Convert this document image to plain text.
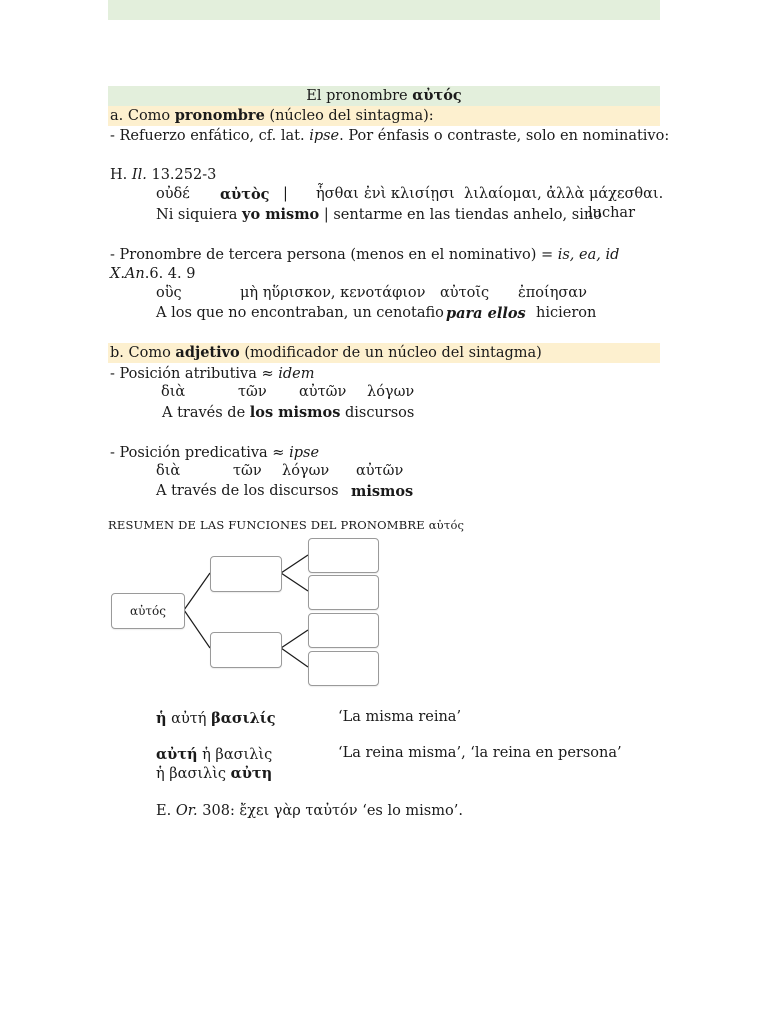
El pronombre αὐτός
a. Como pronombre (núcleo del sintagma):
- Refuerzo enfático, cf. lat. ipse. Por énfasis o contraste, solo en nominativo:
H. Il. 13.252-3
οὐδέ αὐτὸς | ἧσθαι ἐνὶ κλισίῃσι λιλαίομαι, ἀλλὰ μάχεσθαι.
Ni siquiera yo mismo | sentarme en las tiendas anhelo, sino
luchar
- Pronombre de tercera persona (menos en el nominativo) = is, ea, id
X.An.6. 4. 9
οὓς	μὴ ηὕρισκον, κενοτάφιον αὐτοῖς ἐποίησαν
A los que no encontraban, un cenotafio para ellos hicieron
b. Como adjetivo (modificador de un núcleo del sintagma)
- Posición atributiva ≈ idem
διὰ	τῶν αὐτῶν λόγων
A través de los mismos discursos
- Posición predicativa ≈ ipse
διὰ	τῶν λόγων αὐτῶν
A través de los discursos mismos
RESUMEN DE LAS FUNCIONES DEL PRONOMBRE αὐτός
αὐτός
ἡ αὐτή βασιλίς	‘La misma reina’
αὐτή ἡ βασιλὶς	‘La reina misma’, ‘la reina en persona’
ἡ βασιλὶς αὐτη
E. Or. 308: ἔχει γὰρ ταὐτόν ‘es lo mismo’.
